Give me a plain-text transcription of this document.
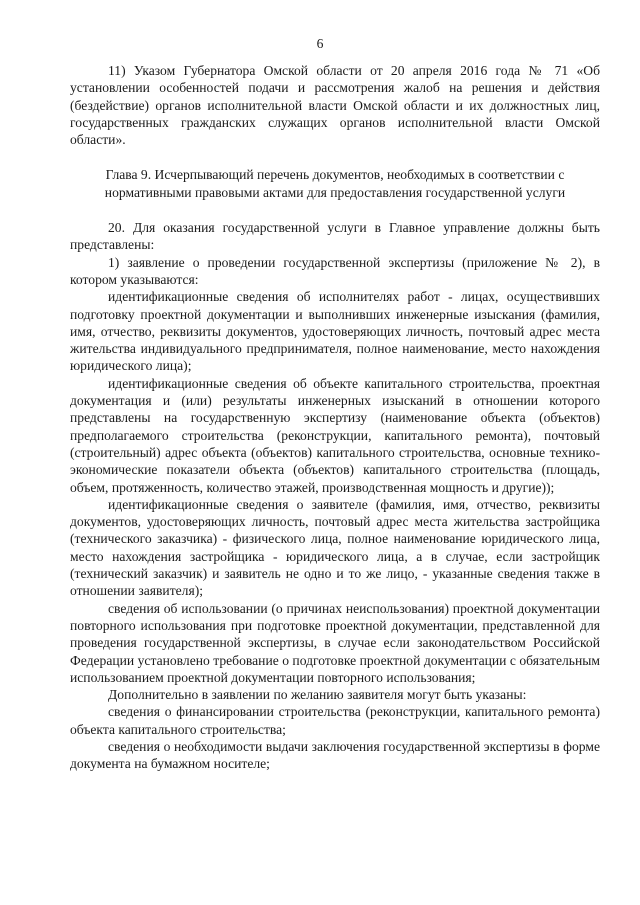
6

11) Указом Губернатора Омской области от 20 апреля 2016 года № 71 «Об установлении особенностей подачи и рассмотрения жалоб на решения и действия (бездействие) органов исполнительной власти Омской области и их должностных лиц, государственных гражданских служащих органов исполнительной власти Омской области».

Глава 9. Исчерпывающий перечень документов, необходимых в соответствии с нормативными правовыми актами для предоставления государственной услуги

20. Для оказания государственной услуги в Главное управление должны быть представлены:

1) заявление о проведении государственной экспертизы (приложение № 2), в котором указываются:

идентификационные сведения об исполнителях работ - лицах, осуществивших подготовку проектной документации и выполнивших инженерные изыскания (фамилия, имя, отчество, реквизиты документов, удостоверяющих личность, почтовый адрес места жительства индивидуального предпринимателя, полное наименование, место нахождения юридического лица);

идентификационные сведения об объекте капитального строительства, проектная документация и (или) результаты инженерных изысканий в отношении которого представлены на государственную экспертизу (наименование объекта (объектов) предполагаемого строительства (реконструкции, капитального ремонта), почтовый (строительный) адрес объекта (объектов) капитального строительства, основные технико-экономические показатели объекта (объектов) капитального строительства (площадь, объем, протяженность, количество этажей, производственная мощность и другие));

идентификационные сведения о заявителе (фамилия, имя, отчество, реквизиты документов, удостоверяющих личность, почтовый адрес места жительства застройщика (технического заказчика) - физического лица, полное наименование юридического лица, место нахождения застройщика - юридического лица, а в случае, если застройщик (технический заказчик) и заявитель не одно и то же лицо, - указанные сведения также в отношении заявителя);

сведения об использовании (о причинах неиспользования) проектной документации повторного использования при подготовке проектной документации, представленной для проведения государственной экспертизы, в случае если законодательством Российской Федерации установлено требование о подготовке проектной документации с обязательным использованием проектной документации повторного использования;

Дополнительно в заявлении по желанию заявителя могут быть указаны:

сведения о финансировании строительства (реконструкции, капитального ремонта) объекта капитального строительства;

сведения о необходимости выдачи заключения государственной экспертизы в форме документа на бумажном носителе;
